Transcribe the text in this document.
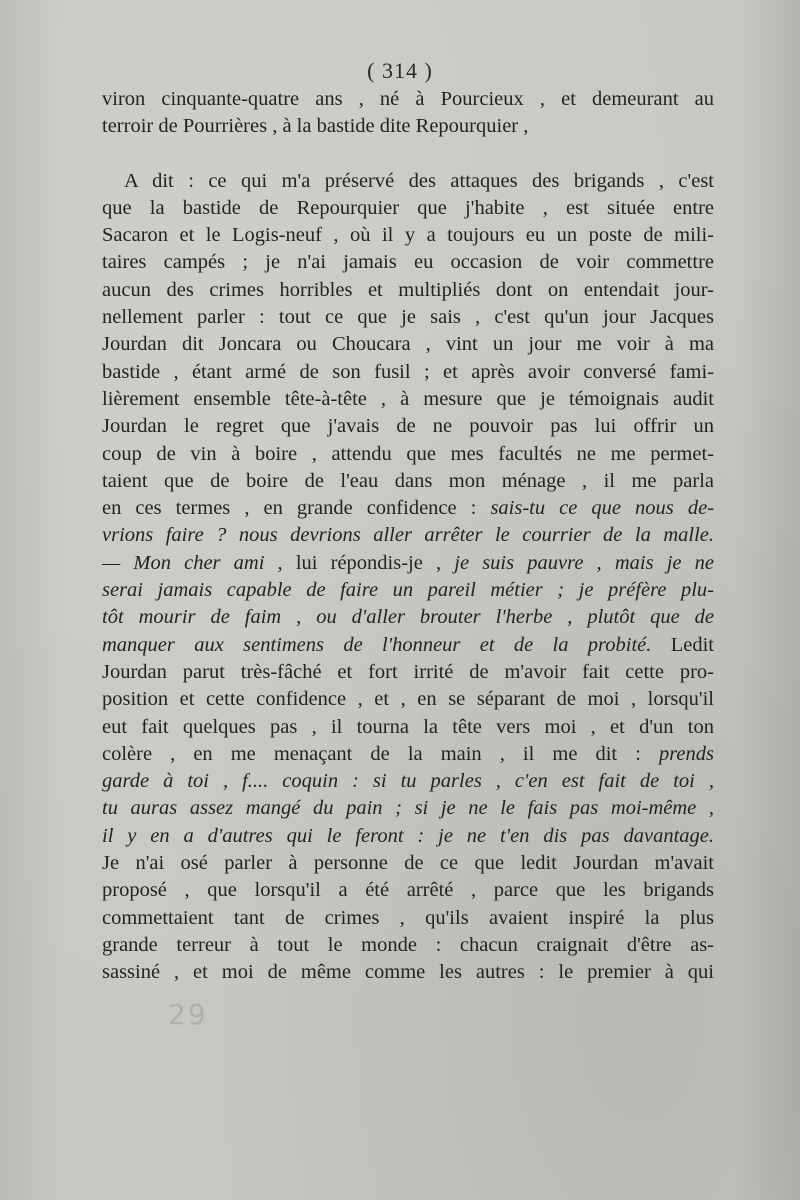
( 314 )
viron cinquante-quatre ans , né à Pourcieux , et demeurant au
terroir de Pourrières , à la bastide dite Repourquier ,
A dit : ce qui m'a préservé des attaques des brigands , c'est
que la bastide de Repourquier que j'habite , est située entre
Sacaron et le Logis-neuf , où il y a toujours eu un poste de mili-
taires campés ; je n'ai jamais eu occasion de voir commettre
aucun des crimes horribles et multipliés dont on entendait jour-
nellement parler : tout ce que je sais , c'est qu'un jour Jacques
Jourdan dit Joncara ou Choucara , vint un jour me voir à ma
bastide , étant armé de son fusil ; et après avoir conversé fami-
lièrement ensemble tête-à-tête , à mesure que je témoignais audit
Jourdan le regret que j'avais de ne pouvoir pas lui offrir un
coup de vin à boire , attendu que mes facultés ne me permet-
taient que de boire de l'eau dans mon ménage , il me parla
en ces termes , en grande confidence : sais-tu ce que nous de-
vrions faire ? nous devrions aller arrêter le courrier de la malle.
— Mon cher ami , lui répondis-je , je suis pauvre , mais je ne
serai jamais capable de faire un pareil métier ; je préfère plu-
tôt mourir de faim , ou d'aller brouter l'herbe , plutôt que de
manquer aux sentimens de l'honneur et de la probité. Ledit
Jourdan parut très-fâché et fort irrité de m'avoir fait cette pro-
position et cette confidence , et , en se séparant de moi , lorsqu'il
eut fait quelques pas , il tourna la tête vers moi , et d'un ton
colère , en me menaçant de la main , il me dit : prends
garde à toi , f.... coquin : si tu parles , c'en est fait de toi ,
tu auras assez mangé du pain ; si je ne le fais pas moi-même ,
il y en a d'autres qui le feront : je ne t'en dis pas davantage.
Je n'ai osé parler à personne de ce que ledit Jourdan m'avait
proposé , que lorsqu'il a été arrêté , parce que les brigands
commettaient tant de crimes , qu'ils avaient inspiré la plus
grande terreur à tout le monde : chacun craignait d'être as-
sassiné , et moi de même comme les autres : le premier à qui
29
